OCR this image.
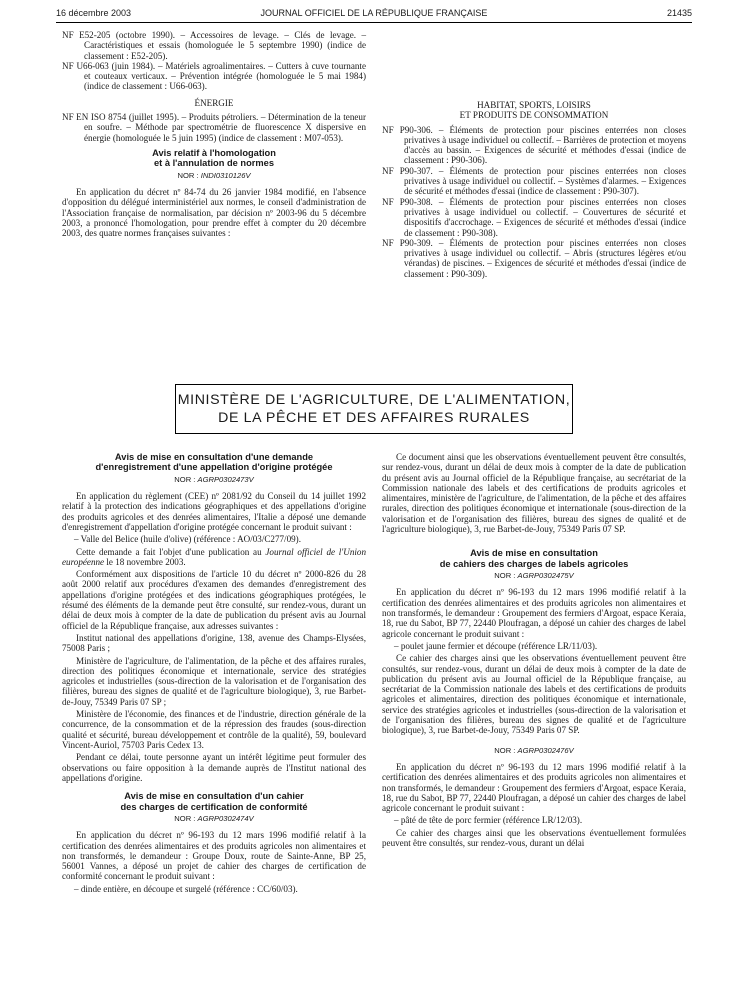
16 décembre 2003	JOURNAL OFFICIEL DE LA RÉPUBLIQUE FRANÇAISE	21435

NF E52-205 (octobre 1990). – Accessoires de levage. – Clés de levage. – Caractéristiques et essais (homologuée le 5 septembre 1990) (indice de classement : E52-205).

NF U66-063 (juin 1984). – Matériels agroalimentaires. – Cutters à cuve tournante et couteaux verticaux. – Prévention intégrée (homologuée le 5 mai 1984) (indice de classement : U66-063).

ÉNERGIE

NF EN ISO 8754 (juillet 1995). – Produits pétroliers. – Détermination de la teneur en soufre. – Méthode par spectrométrie de fluorescence X dispersive en énergie (homologuée le 5 juin 1995) (indice de classement : M07-053).

Avis relatif à l'homologation
et à l'annulation de normes

NOR : INDI0310126V

En application du décret nº 84-74 du 26 janvier 1984 modifié, en l'absence d'opposition du délégué interministériel aux normes, le conseil d'administration de l'Association française de normalisation, par décision nº 2003-96 du 5 décembre 2003, a prononcé l'homologation, pour prendre effet à compter du 20 décembre 2003, des quatre normes françaises suivantes :

HABITAT, SPORTS, LOISIRS
ET PRODUITS DE CONSOMMATION

NF P90-306. – Éléments de protection pour piscines enterrées non closes privatives à usage individuel ou collectif. – Barrières de protection et moyens d'accès au bassin. – Exigences de sécurité et méthodes d'essai (indice de classement : P90-306).

NF P90-307. – Éléments de protection pour piscines enterrées non closes privatives à usage individuel ou collectif. – Systèmes d'alarmes. – Exigences de sécurité et méthodes d'essai (indice de classement : P90-307).

NF P90-308. – Éléments de protection pour piscines enterrées non closes privatives à usage individuel ou collectif. – Couvertures de sécurité et dispositifs d'accrochage. – Exigences de sécurité et méthodes d'essai (indice de classement : P90-308).

NF P90-309. – Éléments de protection pour piscines enterrées non closes privatives à usage individuel ou collectif. – Abris (structures légères et/ou vérandas) de piscines. – Exigences de sécurité et méthodes d'essai (indice de classement : P90-309).

MINISTÈRE DE L'AGRICULTURE, DE L'ALIMENTATION,
DE LA PÊCHE ET DES AFFAIRES RURALES

Avis de mise en consultation d'une demande
d'enregistrement d'une appellation d'origine protégée

NOR : AGRP0302473V

En application du règlement (CEE) nº 2081/92 du Conseil du 14 juillet 1992 relatif à la protection des indications géographiques et des appellations d'origine des produits agricoles et des denrées alimentaires, l'Italie a déposé une demande d'enregistrement d'appellation d'origine protégée concernant le produit suivant :

– Valle del Belice (huile d'olive) (référence : AO/03/C277/09).

Cette demande a fait l'objet d'une publication au Journal officiel de l'Union européenne le 18 novembre 2003.

Conformément aux dispositions de l'article 10 du décret nº 2000-826 du 28 août 2000 relatif aux procédures d'examen des demandes d'enregistrement des appellations d'origine protégées et des indications géographiques protégées, le résumé des éléments de la demande peut être consulté, sur rendez-vous, durant un délai de deux mois à compter de la date de publication du présent avis au Journal officiel de la République française, aux adresses suivantes :

Institut national des appellations d'origine, 138, avenue des Champs-Elysées, 75008 Paris ;

Ministère de l'agriculture, de l'alimentation, de la pêche et des affaires rurales, direction des politiques économique et internationale, service des stratégies agricoles et industrielles (sous-direction de la valorisation et de l'organisation des filières, bureau des signes de qualité et de l'agriculture biologique), 3, rue Barbet-de-Jouy, 75349 Paris 07 SP ;

Ministère de l'économie, des finances et de l'industrie, direction générale de la concurrence, de la consommation et de la répression des fraudes (sous-direction qualité et sécurité, bureau développement et contrôle de la qualité), 59, boulevard Vincent-Auriol, 75703 Paris Cedex 13.

Pendant ce délai, toute personne ayant un intérêt légitime peut formuler des observations ou faire opposition à la demande auprès de l'Institut national des appellations d'origine.

Avis de mise en consultation d'un cahier
des charges de certification de conformité

NOR : AGRP0302474V

En application du décret nº 96-193 du 12 mars 1996 modifié relatif à la certification des denrées alimentaires et des produits agricoles non alimentaires et non transformés, le demandeur : Groupe Doux, route de Sainte-Anne, BP 25, 56001 Vannes, a déposé un projet de cahier des charges de certification de conformité concernant le produit suivant :

– dinde entière, en découpe et surgelé (référence : CC/60/03).

Ce document ainsi que les observations éventuellement peuvent être consultés, sur rendez-vous, durant un délai de deux mois à compter de la date de publication du présent avis au Journal officiel de la République française, au secrétariat de la Commission nationale des labels et des certifications de produits agricoles et alimentaires, ministère de l'agriculture, de l'alimentation, de la pêche et des affaires rurales, direction des politiques économique et internationale (sous-direction de la valorisation et de l'organisation des filières, bureau des signes de qualité et de l'agriculture biologique), 3, rue Barbet-de-Jouy, 75349 Paris 07 SP.

Avis de mise en consultation
de cahiers des charges de labels agricoles

NOR : AGRP0302475V

En application du décret nº 96-193 du 12 mars 1996 modifié relatif à la certification des denrées alimentaires et des produits agricoles non alimentaires et non transformés, le demandeur : Groupement des fermiers d'Argoat, espace Keraia, 18, rue du Sabot, BP 77, 22440 Ploufragan, a déposé un cahier des charges de label agricole concernant le produit suivant :

– poulet jaune fermier et découpe (référence LR/11/03).

Ce cahier des charges ainsi que les observations éventuellement peuvent être consultés, sur rendez-vous, durant un délai de deux mois à compter de la date de publication du présent avis au Journal officiel de la République française, au secrétariat de la Commission nationale des labels et des certifications de produits agricoles et alimentaires, direction des politiques économique et internationale, service des stratégies agricoles et industrielles (sous-direction de la valorisation et de l'organisation des filières, bureau des signes de qualité et de l'agriculture biologique), 3, rue Barbet-de-Jouy, 75349 Paris 07 SP.

NOR : AGRP0302476V

En application du décret nº 96-193 du 12 mars 1996 modifié relatif à la certification des denrées alimentaires et des produits agricoles non alimentaires et non transformés, le demandeur : Groupement des fermiers d'Argoat, espace Keraia, 18, rue du Sabot, BP 77, 22440 Ploufragan, a déposé un cahier des charges de label agricole concernant le produit suivant :

– pâté de tête de porc fermier (référence LR/12/03).

Ce cahier des charges ainsi que les observations éventuellement formulées peuvent être consultés, sur rendez-vous, durant un délai
